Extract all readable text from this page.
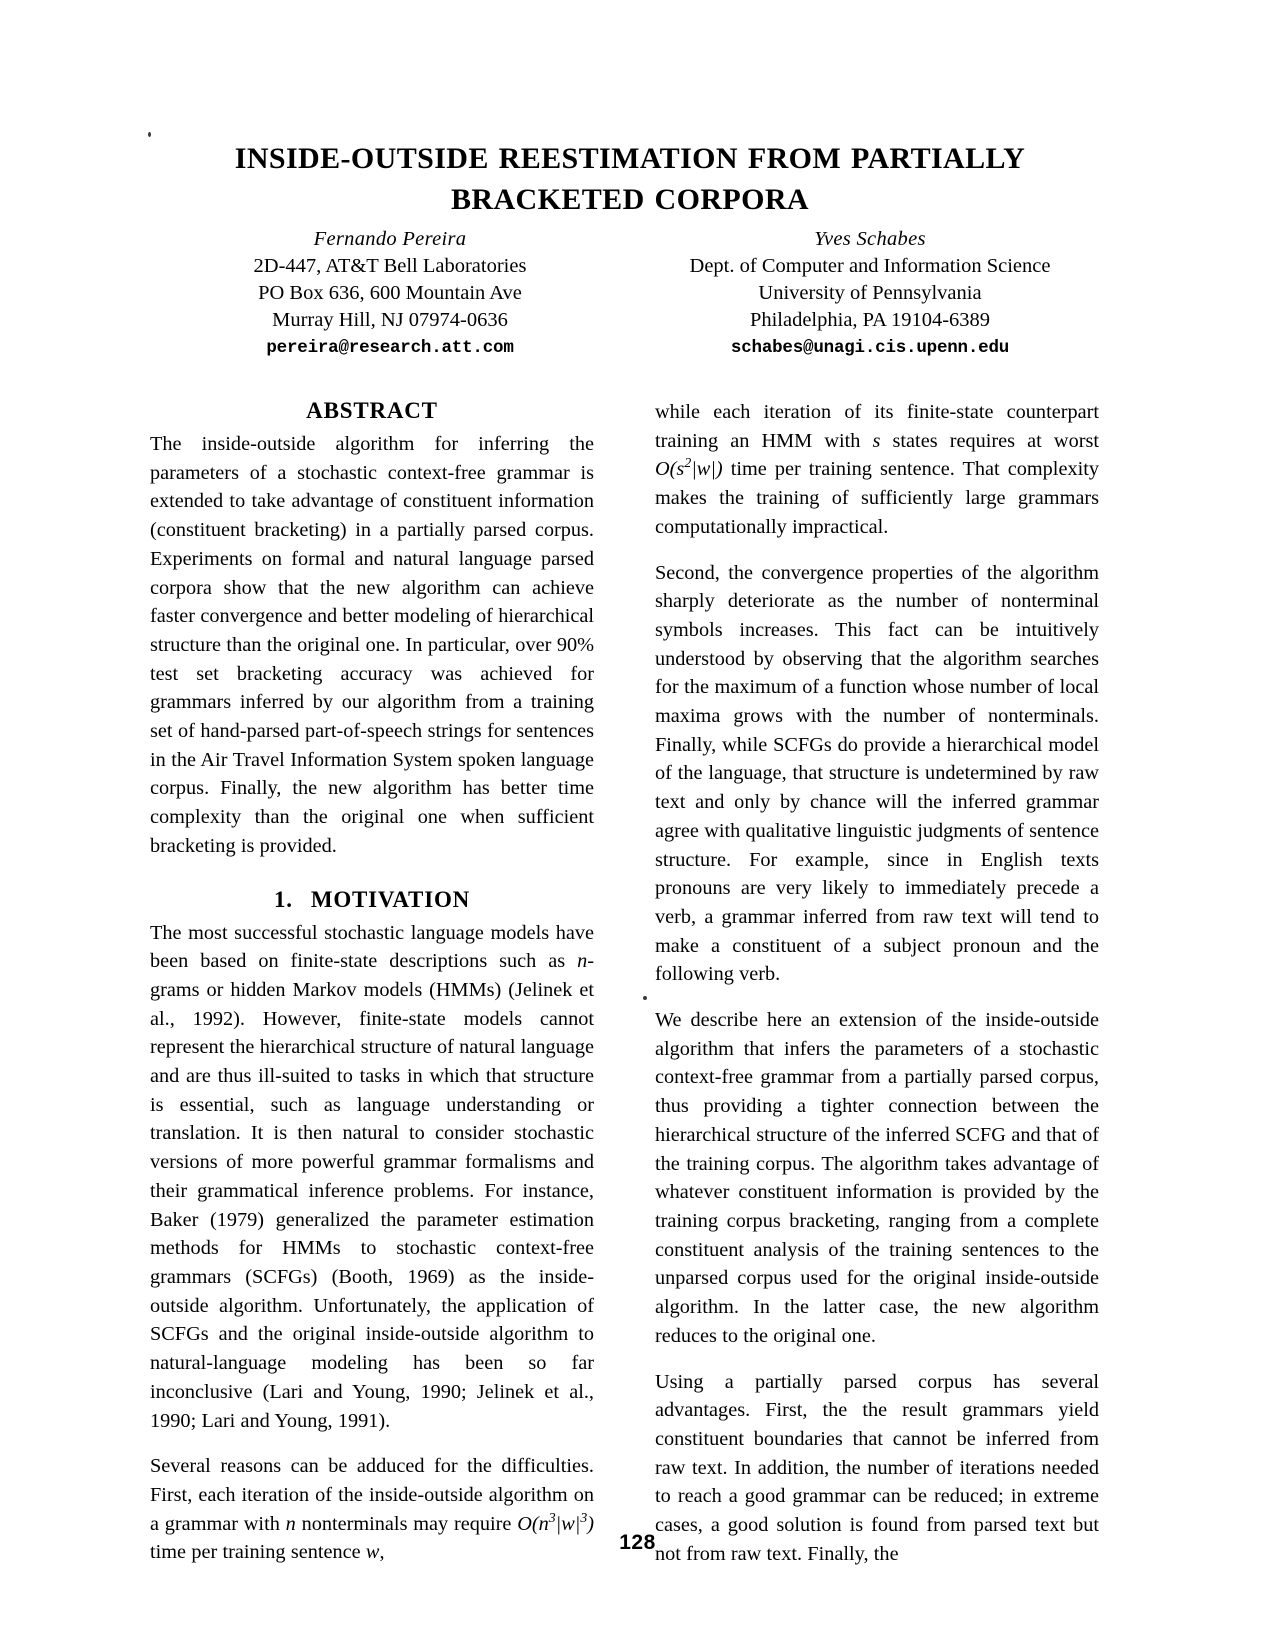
INSIDE-OUTSIDE REESTIMATION FROM PARTIALLY
BRACKETED CORPORA
Fernando Pereira
2D-447, AT&T Bell Laboratories
PO Box 636, 600 Mountain Ave
Murray Hill, NJ 07974-0636
pereira@research.att.com
Yves Schabes
Dept. of Computer and Information Science
University of Pennsylvania
Philadelphia, PA 19104-6389
schabes@unagi.cis.upenn.edu
ABSTRACT

The inside-outside algorithm for inferring the parameters of a stochastic context-free grammar is extended to take advantage of constituent information (constituent bracketing) in a partially parsed corpus. Experiments on formal and natural language parsed corpora show that the new algorithm can achieve faster convergence and better modeling of hierarchical structure than the original one. In particular, over 90% test set bracketing accuracy was achieved for grammars inferred by our algorithm from a training set of hand-parsed part-of-speech strings for sentences in the Air Travel Information System spoken language corpus. Finally, the new algorithm has better time complexity than the original one when sufficient bracketing is provided.

1. MOTIVATION

The most successful stochastic language models have been based on finite-state descriptions such as n-grams or hidden Markov models (HMMs) (Jelinek et al., 1992). However, finite-state models cannot represent the hierarchical structure of natural language and are thus ill-suited to tasks in which that structure is essential, such as language understanding or translation. It is then natural to consider stochastic versions of more powerful grammar formalisms and their grammatical inference problems. For instance, Baker (1979) generalized the parameter estimation methods for HMMs to stochastic context-free grammars (SCFGs) (Booth, 1969) as the inside-outside algorithm. Unfortunately, the application of SCFGs and the original inside-outside algorithm to natural-language modeling has been so far inconclusive (Lari and Young, 1990; Jelinek et al., 1990; Lari and Young, 1991).

Several reasons can be adduced for the difficulties. First, each iteration of the inside-outside algorithm on a grammar with n nonterminals may require $O(n^3|w|^3)$ time per training sentence w,

while each iteration of its finite-state counterpart training an HMM with s states requires at worst $O(s^2|w|)$ time per training sentence. That complexity makes the training of sufficiently large grammars computationally impractical.

Second, the convergence properties of the algorithm sharply deteriorate as the number of nonterminal symbols increases. This fact can be intuitively understood by observing that the algorithm searches for the maximum of a function whose number of local maxima grows with the number of nonterminals. Finally, while SCFGs do provide a hierarchical model of the language, that structure is undetermined by raw text and only by chance will the inferred grammar agree with qualitative linguistic judgments of sentence structure. For example, since in English texts pronouns are very likely to immediately precede a verb, a grammar inferred from raw text will tend to make a constituent of a subject pronoun and the following verb.

We describe here an extension of the inside-outside algorithm that infers the parameters of a stochastic context-free grammar from a partially parsed corpus, thus providing a tighter connection between the hierarchical structure of the inferred SCFG and that of the training corpus. The algorithm takes advantage of whatever constituent information is provided by the training corpus bracketing, ranging from a complete constituent analysis of the training sentences to the unparsed corpus used for the original inside-outside algorithm. In the latter case, the new algorithm reduces to the original one.

Using a partially parsed corpus has several advantages. First, the the result grammars yield constituent boundaries that cannot be inferred from raw text. In addition, the number of iterations needed to reach a good grammar can be reduced; in extreme cases, a good solution is found from parsed text but not from raw text. Finally, the

128
